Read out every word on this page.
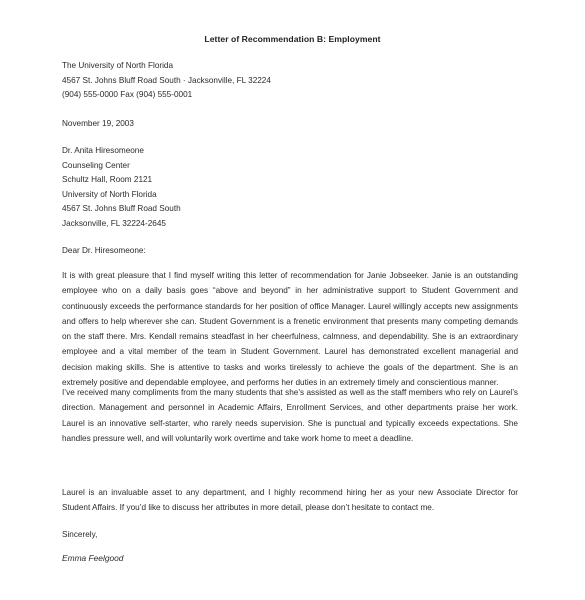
Letter of Recommendation B: Employment
The University of North Florida
4567 St. Johns Bluff Road South · Jacksonville, FL 32224
(904) 555-0000 Fax (904) 555-0001
November 19, 2003
Dr. Anita Hiresomeone
Counseling Center
Schultz Hall, Room 2121
University of North Florida
4567 St. Johns Bluff Road South
Jacksonville, FL 32224-2645
Dear Dr. Hiresomeone:
It is with great pleasure that I find myself writing this letter of recommendation for Janie Jobseeker. Janie is an outstanding employee who on a daily basis goes “above and beyond” in her administrative support to Student Government and continuously exceeds the performance standards for her position of office Manager. Laurel willingly accepts new assignments and offers to help wherever she can. Student Government is a frenetic environment that presents many competing demands on the staff there. Mrs. Kendall remains steadfast in her cheerfulness, calmness, and dependability. She is an extraordinary employee and a vital member of the team in Student Government. Laurel has demonstrated excellent managerial and decision making skills. She is attentive to tasks and works tirelessly to achieve the goals of the department. She is an extremely positive and dependable employee, and performs her duties in an extremely timely and conscientious manner.
I’ve received many compliments from the many students that she’s assisted as well as the staff members who rely on Laurel’s direction. Management and personnel in Academic Affairs, Enrollment Services, and other departments praise her work. Laurel is an innovative self-starter, who rarely needs supervision. She is punctual and typically exceeds expectations. She handles pressure well, and will voluntarily work overtime and take work home to meet a deadline.
Laurel is an invaluable asset to any department, and I highly recommend hiring her as your new Associate Director for Student Affairs. If you’d like to discuss her attributes in more detail, please don’t hesitate to contact me.
Sincerely,
Emma Feelgood
